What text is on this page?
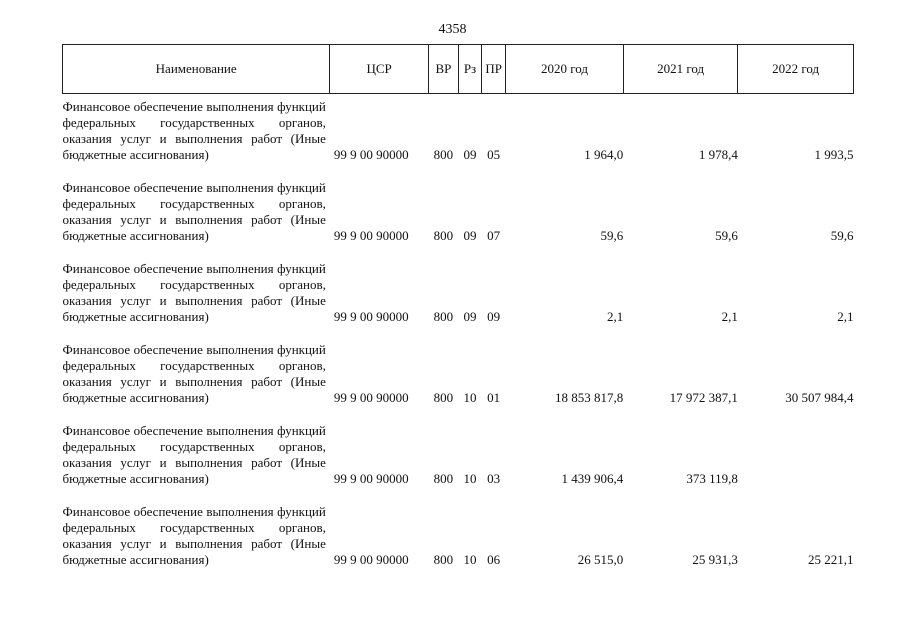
4358
Наименование	ЦСР	ВР	Рз	ПР	2020 год	2021 год	2022 год
Финансовое обеспечение выполнения функций федеральных государственных органов, оказания услуг и выполнения работ (Иные бюджетные ассигнования)	99 9 00 90000	800	09	05	1 964,0	1 978,4	1 993,5
Финансовое обеспечение выполнения функций федеральных государственных органов, оказания услуг и выполнения работ (Иные бюджетные ассигнования)	99 9 00 90000	800	09	07	59,6	59,6	59,6
Финансовое обеспечение выполнения функций федеральных государственных органов, оказания услуг и выполнения работ (Иные бюджетные ассигнования)	99 9 00 90000	800	09	09	2,1	2,1	2,1
Финансовое обеспечение выполнения функций федеральных государственных органов, оказания услуг и выполнения работ (Иные бюджетные ассигнования)	99 9 00 90000	800	10	01	18 853 817,8	17 972 387,1	30 507 984,4
Финансовое обеспечение выполнения функций федеральных государственных органов, оказания услуг и выполнения работ (Иные бюджетные ассигнования)	99 9 00 90000	800	10	03	1 439 906,4	373 119,8	
Финансовое обеспечение выполнения функций федеральных государственных органов, оказания услуг и выполнения работ (Иные бюджетные ассигнования)	99 9 00 90000	800	10	06	26 515,0	25 931,3	25 221,1
